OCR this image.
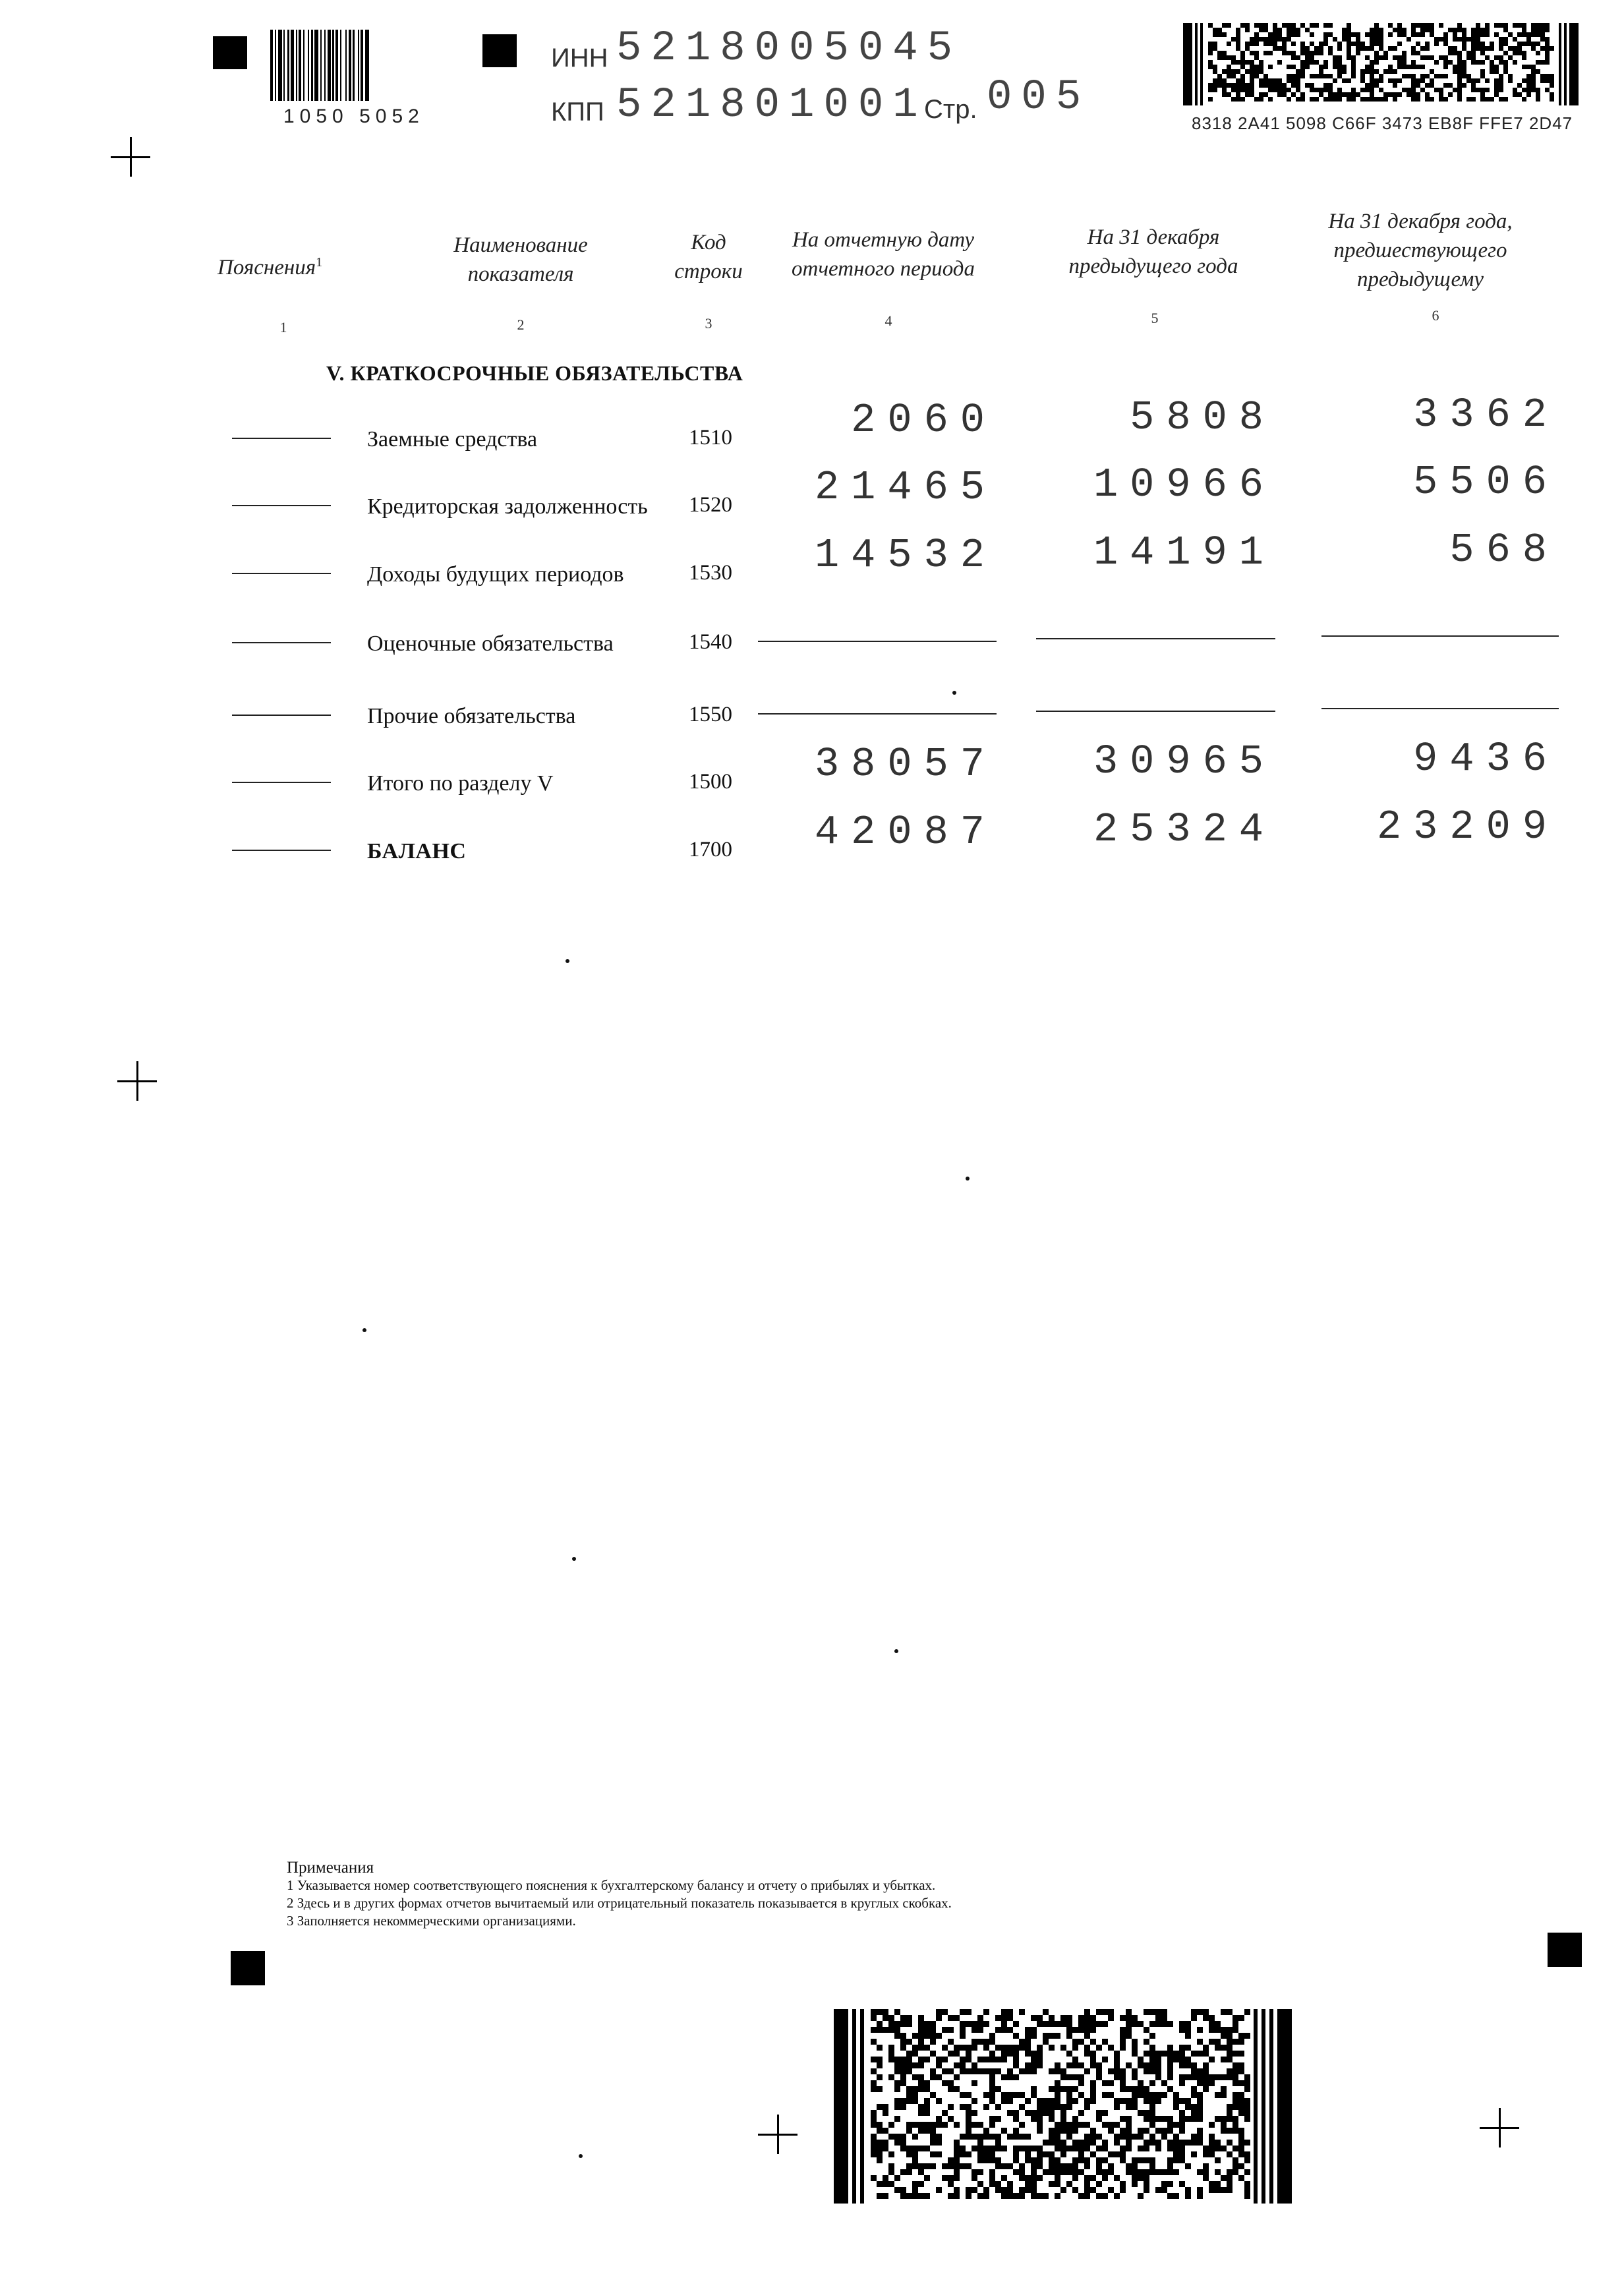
1050 5052
ИНН 5218005045
КПП 521801001
Стр. 005
8318 2A41 5098 C66F 3473 EB8F FFE7 2D47
Пояснения$^1$
Наименование показателя
Код строки
На отчетную дату отчетного периода
На 31 декабря предыдущего года
На 31 декабря года, предшествующего предыдущему
1	2	3	4	5	6
V. КРАТКОСРОЧНЫЕ ОБЯЗАТЕЛЬСТВА
Заемные средства	1510	2060	5808	3362
Кредиторская задолженность 1520	21465	10966	5506
Доходы будущих периодов	1530	14532	14191	568
Оценочные обязательства	1540
Прочие обязательства	1550
Итого по разделу V	1500	38057	30965	9436
БАЛАНС	1700	42087	25324	23209
Примечания
1 Указывается номер соответствующего пояснения к бухгалтерскому балансу и отчету о прибылях и убытках.
2 Здесь и в других формах отчетов вычитаемый или отрицательный показатель показывается в круглых скобках.
3 Заполняется некоммерческими организациями.
